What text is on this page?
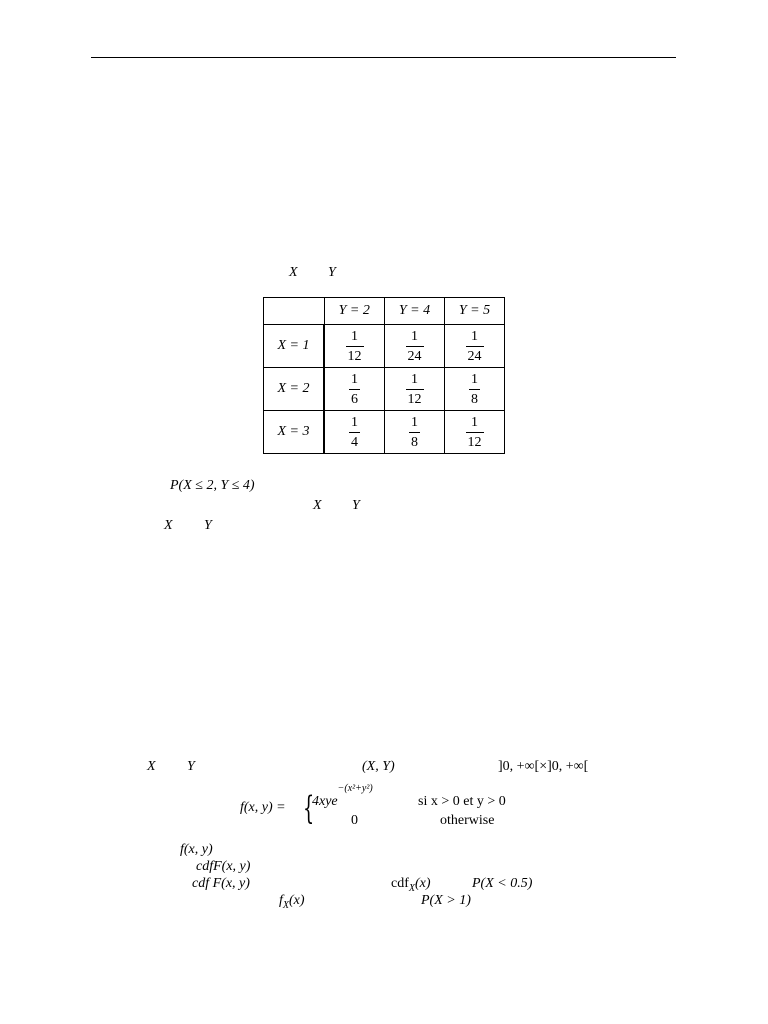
X Y
	Y = 2	Y = 4	Y = 5
X = 1	$\frac{1}{12}$	$\frac{1}{24}$	$\frac{1}{24}$

X = 2	$\frac{1}{6}$	$\frac{1}{12}$	$\frac{1}{8}$

X = 3	$\frac{1}{4}$	$\frac{1}{8}$	$\frac{1}{12}$
P(X ≤ 2, Y ≤ 4)
X Y
X Y
X Y	(X, Y)	]0, +∞[×]0, +∞[
f(x, y) = {
4xye$^{-(x^2+y^2)}$
si x > 0 et y > 0
0	otherwise
f(x, y)
cdfF(x, y)
cdf F(x, y)	cdf$_X$(x)	P(X < 0.5)
$f_X(x)$	P(X > 1)
